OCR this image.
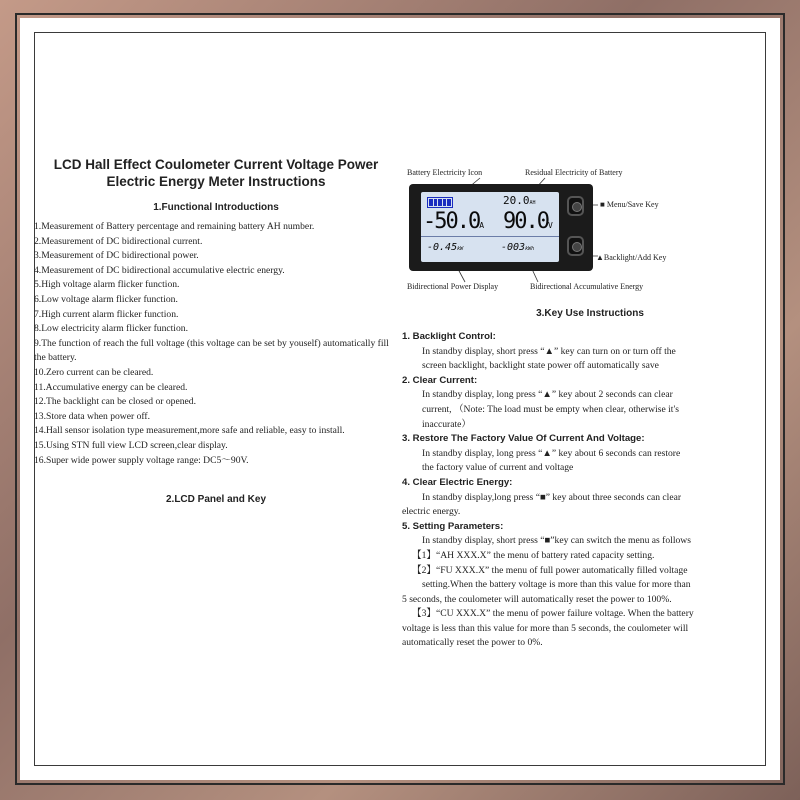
LCD Hall Effect Coulometer Current Voltage Power
Electric Energy Meter Instructions
1.Functional Introductions
1.Measurement of Battery percentage and remaining battery AH number.
2.Measurement of DC bidirectional current.
3.Measurement of DC bidirectional power.
4.Measurement of DC bidirectional accumulative electric energy.
5.High voltage alarm flicker function.
6.Low voltage alarm flicker function.
7.High current alarm flicker function.
8.Low electricity alarm flicker function.
9.The function of reach the full voltage (this voltage can be set by youself) automatically fill the battery.
10.Zero current can be cleared.
11.Accumulative energy can be cleared.
12.The backlight can be closed or opened.
13.Store data when power off.
14.Hall sensor isolation type measurement,more safe and reliable, easy to install.
15.Using STN full view LCD screen,clear display.
16.Super wide power supply voltage range: DC5～90V.
2.LCD Panel and Key
Battery Electricity Icon	Residual Electricity of Battery
■ Menu/Save Key
▲Backlight/Add Key
Bidirectional Power Display	Bidirectional Accumulative Energy
20.0AH
-50.0A 90.0V
-0.45kW	-003kWh
3.Key Use Instructions
1. Backlight Control:
In standby display, short press “▲” key can turn on or turn off the
screen backlight, backlight state power off automatically save
2. Clear Current:
In standby display, long press “▲” key about 2 seconds can clear
current, （Note: The load must be empty when clear, otherwise it's
inaccurate）
3. Restore The Factory Value Of Current And Voltage:
In standby display, long press “▲” key about 6 seconds can restore
the factory value of current and voltage
4. Clear Electric Energy:
In standby display,long press “■” key about three seconds can clear
electric energy.
5. Setting Parameters:
In standby display, short press “■”key can switch the menu as follows
【1】“AH XXX.X” the menu of battery rated capacity setting.
【2】“FU XXX.X” the menu of full power automatically filled voltage
setting.When the battery voltage is more than this value for more than
5 seconds, the coulometer will automatically reset the power to 100%.
【3】“CU XXX.X” the menu of power failure voltage. When the battery
voltage is less than this value for more than 5 seconds, the coulometer will
automatically reset the power to 0%.
